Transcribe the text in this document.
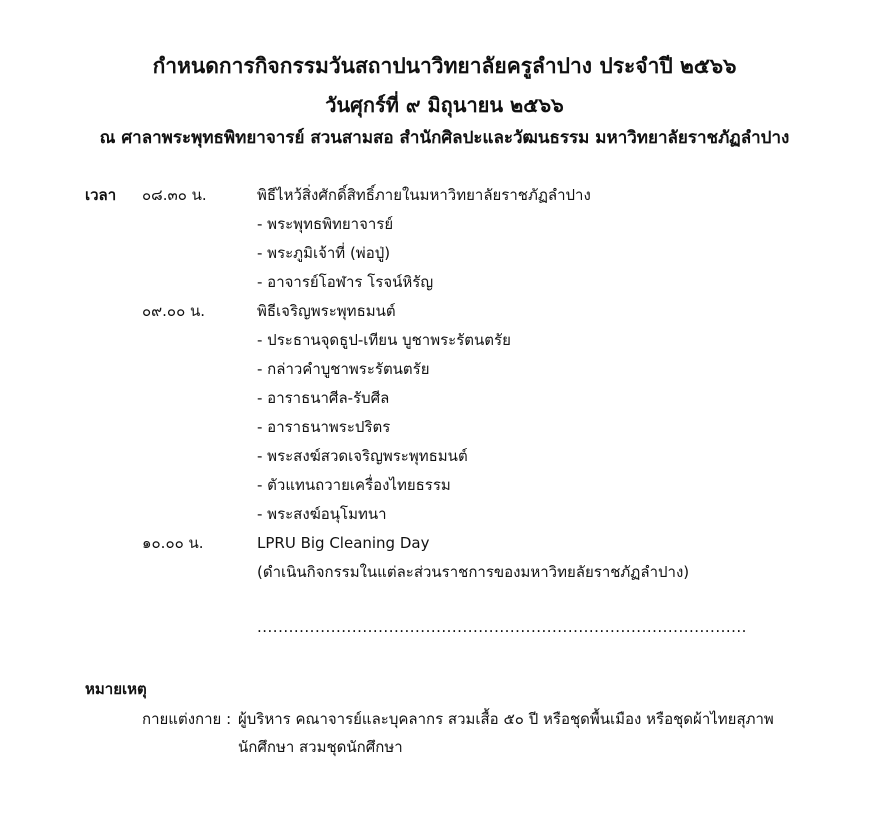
กำหนดการกิจกรรมวันสถาปนาวิทยาลัยครูลำปาง ประจำปี ๒๕๖๖
วันศุกร์ที่ ๙ มิถุนายน ๒๕๖๖
ณ ศาลาพระพุทธพิทยาจารย์ สวนสามสอ สำนักศิลปะและวัฒนธรรม มหาวิทยาลัยราชภัฏลำปาง
เวลา ๐๘.๓๐ น.	พิธีไหว้สิ่งศักดิ์สิทธิ์ภายในมหาวิทยาลัยราชภัฏลำปาง
- พระพุทธพิทยาจารย์
- พระภูมิเจ้าที่ (พ่อปู่)
- อาจารย์โอฬาร โรจน์หิรัญ
๐๙.๐๐ น.	พิธีเจริญพระพุทธมนต์
- ประธานจุดธูป-เทียน บูชาพระรัตนตรัย
- กล่าวคำบูชาพระรัตนตรัย
- อาราธนาศีล-รับศีล
- อาราธนาพระปริตร
- พระสงฆ์สวดเจริญพระพุทธมนต์
- ตัวแทนถวายเครื่องไทยธรรม
- พระสงฆ์อนุโมทนา
๑๐.๐๐ น.	LPRU Big Cleaning Day
(ดำเนินกิจกรรมในแต่ละส่วนราชการของมหาวิทยลัยราชภัฏลำปาง)
.............................................................................................
หมายเหตุ
กายแต่งกาย : ผู้บริหาร คณาจารย์และบุคลากร สวมเสื้อ ๕๐ ปี หรือชุดพื้นเมือง หรือชุดผ้าไทยสุภาพ
นักศึกษา สวมชุดนักศึกษา
